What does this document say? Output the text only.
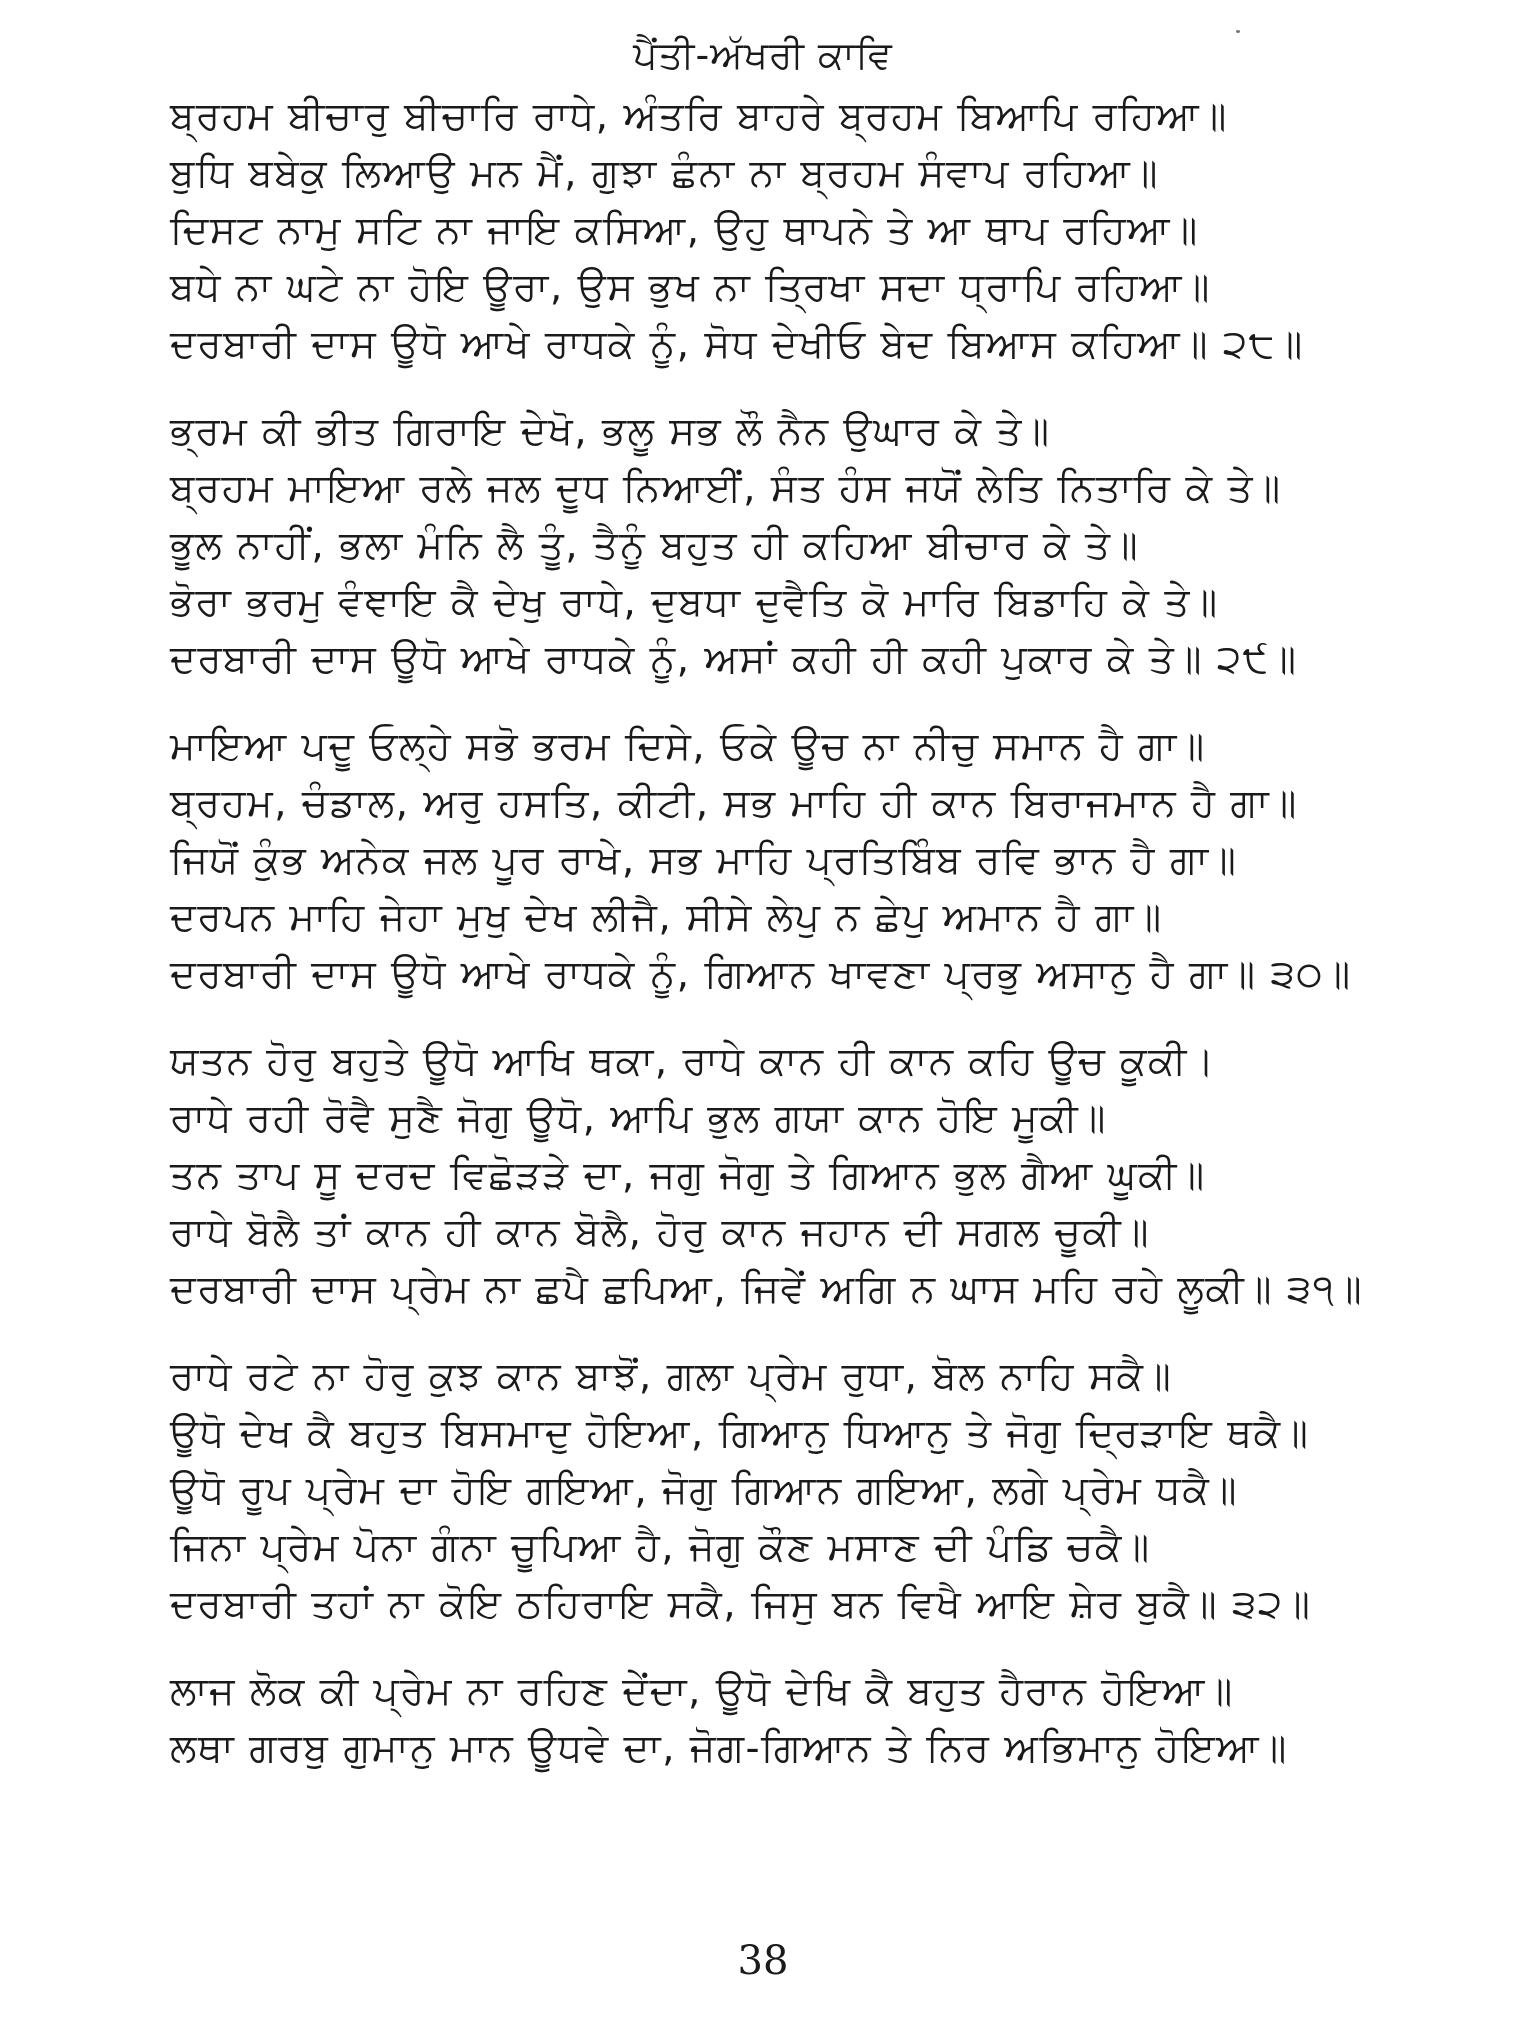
ਪੈਂਤੀ-ਅੱਖਰੀ ਕਾਵਿ
ਬ੍ਰਹਮ ਬੀਚਾਰੁ ਬੀਚਾਰਿ ਰਾਧੇ, ਅੰਤਰਿ ਬਾਹਰੇ ਬ੍ਰਹਮ ਬਿਆਪਿ ਰਹਿਆ॥
ਬੁਧਿ ਬਬੇਕੁ ਲਿਆਉ ਮਨ ਮੈਂ, ਗੁਝਾ ਛੰਨਾ ਨਾ ਬ੍ਰਹਮ ਸੰਵਾਪ ਰਹਿਆ॥
ਦਿਸਟ ਨਾਮੁ ਸਟਿ ਨਾ ਜਾਇ ਕਸਿਆ, ਉਹੁ ਥਾਪਨੇ ਤੇ ਆ ਥਾਪ ਰਹਿਆ॥
ਬਧੇ ਨਾ ਘਟੇ ਨਾ ਹੋਇ ਊਰਾ, ਉਸ ਭੁਖ ਨਾ ਤ੍ਰਿਖਾ ਸਦਾ ਧ੍ਰਾਪਿ ਰਹਿਆ॥
ਦਰਬਾਰੀ ਦਾਸ ਊਧੋ ਆਖੇ ਰਾਧਕੇ ਨੂੰ, ਸੋਧ ਦੇਖੀਓ ਬੇਦ ਬਿਆਸ ਕਹਿਆ॥ ੨੮॥
ਭ੍ਰਮ ਕੀ ਭੀਤ ਗਿਰਾਇ ਦੇਖੋ, ਭਲੂ ਸਭ ਲੌ ਨੈਨ ਉਘਾਰ ਕੇ ਤੇ॥
ਬ੍ਰਹਮ ਮਾਇਆ ਰਲੇ ਜਲ ਦੂਧ ਨਿਆਈਂ, ਸੰਤ ਹੰਸ ਜਯੋਂ ਲੇਤਿ ਨਿਤਾਰਿ ਕੇ ਤੇ॥
ਭੂਲ ਨਾਹੀਂ, ਭਲਾ ਮੰਨਿ ਲੈ ਤੂੰ, ਤੈਨੂੰ ਬਹੁਤ ਹੀ ਕਹਿਆ ਬੀਚਾਰ ਕੇ ਤੇ॥
ਭੋਰਾ ਭਰਮੁ ਵੰਞਾਇ ਕੈ ਦੇਖੁ ਰਾਧੇ, ਦੁਬਧਾ ਦੁਵੈਤਿ ਕੋ ਮਾਰਿ ਬਿਡਾਹਿ ਕੇ ਤੇ॥
ਦਰਬਾਰੀ ਦਾਸ ਊਧੋ ਆਖੇ ਰਾਧਕੇ ਨੂੰ, ਅਸਾਂ ਕਹੀ ਹੀ ਕਹੀ ਪੁਕਾਰ ਕੇ ਤੇ॥ ੨੯॥
ਮਾਇਆ ਪਦੂ ਓਲ੍ਹੇ ਸਭੋ ਭਰਮ ਦਿਸੇ, ਓਕੇ ਊਚ ਨਾ ਨੀਚੁ ਸਮਾਨ ਹੈ ਗਾ॥
ਬ੍ਰਹਮ, ਚੰਡਾਲ, ਅਰੁ ਹਸਤਿ, ਕੀਟੀ, ਸਭ ਮਾਹਿ ਹੀ ਕਾਨ ਬਿਰਾਜਮਾਨ ਹੈ ਗਾ॥
ਜਿਯੋਂ ਕੁੰਭ ਅਨੇਕ ਜਲ ਪੂਰ ਰਾਖੇ, ਸਭ ਮਾਹਿ ਪ੍ਰਤਿਬਿੰਬ ਰਵਿ ਭਾਨ ਹੈ ਗਾ॥
ਦਰਪਨ ਮਾਹਿ ਜੇਹਾ ਮੁਖੁ ਦੇਖ ਲੀਜੈ, ਸੀਸੇ ਲੇਪੁ ਨ ਛੇਪੁ ਅਮਾਨ ਹੈ ਗਾ॥
ਦਰਬਾਰੀ ਦਾਸ ਊਧੋ ਆਖੇ ਰਾਧਕੇ ਨੂੰ, ਗਿਆਨ ਖਾਵਣਾ ਪ੍ਰਭੁ ਅਸਾਨੁ ਹੈ ਗਾ॥ ੩੦॥
ਯਤਨ ਹੋਰੁ ਬਹੁਤੇ ਊਧੋ ਆਖਿ ਥਕਾ, ਰਾਧੇ ਕਾਨ ਹੀ ਕਾਨ ਕਹਿ ਊਚ ਕੂਕੀ।
ਰਾਧੇ ਰਹੀ ਰੋਵੈ ਸੁਣੈ ਜੋਗੁ ਊਧੋ, ਆਪਿ ਭੁਲ ਗਯਾ ਕਾਨ ਹੋਇ ਮੂਕੀ॥
ਤਨ ਤਾਪ ਸੂ ਦਰਦ ਵਿਛੋੜੜੇ ਦਾ, ਜਗੁ ਜੋਗੁ ਤੇ ਗਿਆਨ ਭੁਲ ਗੈਆ ਘੂਕੀ॥
ਰਾਧੇ ਬੋਲੈ ਤਾਂ ਕਾਨ ਹੀ ਕਾਨ ਬੋਲੈ, ਹੋਰੁ ਕਾਨ ਜਹਾਨ ਦੀ ਸਗਲ ਚੂਕੀ॥
ਦਰਬਾਰੀ ਦਾਸ ਪ੍ਰੇਮ ਨਾ ਛਪੈ ਛਪਿਆ, ਜਿਵੇਂ ਅਗਿ ਨ ਘਾਸ ਮਹਿ ਰਹੇ ਲੂਕੀ॥ ੩੧॥
ਰਾਧੇ ਰਟੇ ਨਾ ਹੋਰੁ ਕੁਝ ਕਾਨ ਬਾਝੋਂ, ਗਲਾ ਪ੍ਰੇਮ ਰੁਧਾ, ਬੋਲ ਨਾਹਿ ਸਕੈ॥
ਊਧੋ ਦੇਖ ਕੈ ਬਹੁਤ ਬਿਸਮਾਦੁ ਹੋਇਆ, ਗਿਆਨੁ ਧਿਆਨੁ ਤੇ ਜੋਗੁ ਦ੍ਰਿੜਾਇ ਥਕੈ॥
ਊਧੋ ਰੂਪ ਪ੍ਰੇਮ ਦਾ ਹੋਇ ਗਇਆ, ਜੋਗੁ ਗਿਆਨ ਗਇਆ, ਲਗੇ ਪ੍ਰੇਮ ਧਕੈ॥
ਜਿਨਾ ਪ੍ਰੇਮ ਪੋਨਾ ਗੰਨਾ ਚੂਪਿਆ ਹੈ, ਜੋਗੁ ਕੌਣ ਮਸਾਣ ਦੀ ਪੰਡਿ ਚਕੈ॥
ਦਰਬਾਰੀ ਤਹਾਂ ਨਾ ਕੋਇ ਠਹਿਰਾਇ ਸਕੈ, ਜਿਸੁ ਬਨ ਵਿਖੈ ਆਇ ਸ਼ੇਰ ਬੁਕੈ॥ ੩੨॥
ਲਾਜ ਲੋਕ ਕੀ ਪ੍ਰੇਮ ਨਾ ਰਹਿਣ ਦੇਂਦਾ, ਊਧੋ ਦੇਖਿ ਕੈ ਬਹੁਤ ਹੈਰਾਨ ਹੋਇਆ॥
ਲਥਾ ਗਰਬੁ ਗੁਮਾਨੁ ਮਾਨ ਊਧਵੇ ਦਾ, ਜੋਗ-ਗਿਆਨ ਤੇ ਨਿਰ ਅਭਿਮਾਨੁ ਹੋਇਆ॥
38
